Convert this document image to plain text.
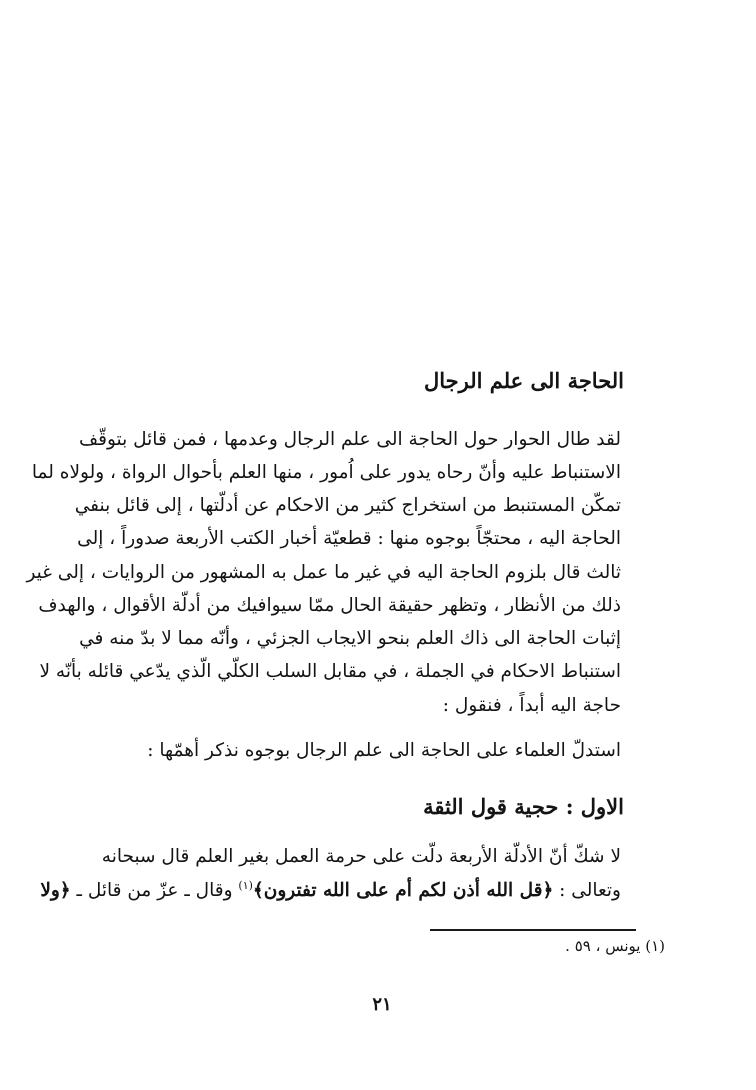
الحاجة الى علم الرجال
لقد طال الحوار حول الحاجة الى علم الرجال وعدمها ، فمن قائل بتوقّف
الاستنباط عليه وأنّ رحاه يدور على اُمور ، منها العلم بأحوال الرواة ، ولولاه لما
تمكّن المستنبط من استخراج كثير من الاحكام عن أدلّتها ، إلى قائل بنفي
الحاجة اليه ، محتجّاً بوجوه منها : قطعيّة أخبار الكتب الأربعة صدوراً ، إلى
ثالث قال بلزوم الحاجة اليه في غير ما عمل به المشهور من الروايات ، إلى غير
ذلك من الأنظار ، وتظهر حقيقة الحال ممّا سيوافيك من أدلّة الأقوال ، والهدف
إثبات الحاجة الى ذاك العلم بنحو الايجاب الجزئي ، وأنّه مما لا بدّ منه في
استنباط الاحكام في الجملة ، في مقابل السلب الكلّي الّذي يدّعي قائله بأنّه لا
حاجة اليه أبداً ، فنقول :
استدلّ العلماء على الحاجة الى علم الرجال بوجوه نذكر أهمّها :
الاول : حجية قول الثقة
لا شكّ أنّ الأدلّة الأربعة دلّت على حرمة العمل بغير العلم قال سبحانه
وتعالى : ﴿قل الله أذن لكم أم على الله تفترون﴾$^{(١)}$ وقال ـ عزّ من قائل ـ ﴿ولا
(١) يونس ، ٥٩ .
٢١
